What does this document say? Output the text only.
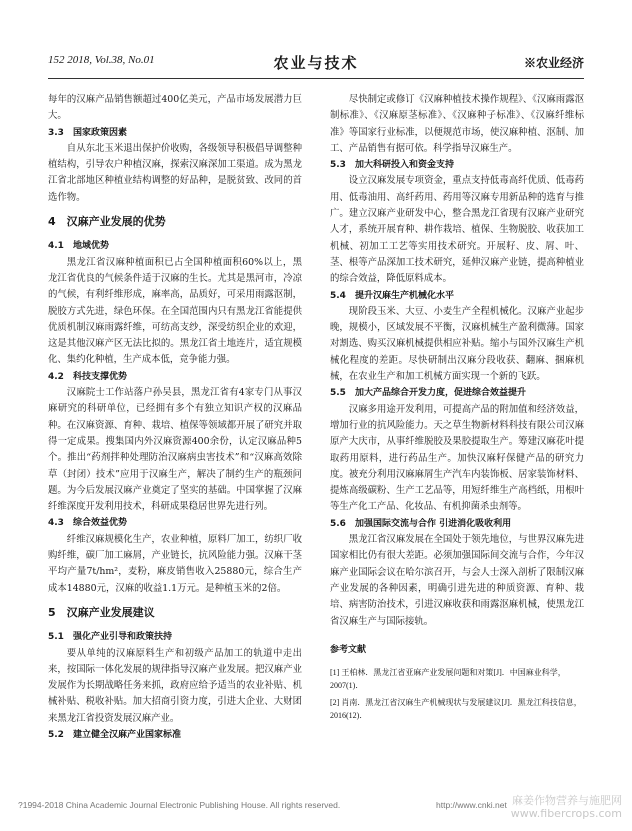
152 2018, Vol.38, No.01	农业与技术	※农业经济

每年的汉麻产品销售额超过400亿美元，产品市场发展潜力巨大。

3.3　国家政策因素

自从东北玉米退出保护价收购，各级领导积极倡导调整种植结构，引导农户种植汉麻，探索汉麻深加工渠道。成为黑龙江省北部地区种植业结构调整的好品种，是脱贫致、改同的首选作物。

4　汉麻产业发展的优势

4.1　地域优势

黑龙江省汉麻种植面积已占全国种植面积60%以上，黑龙江省优良的气候条件适于汉麻的生长。尤其是黑河市，冷凉的气候，有利纤维形成，麻率高，品质好，可采用雨露沤制，脱胶方式先进，绿色环保。在全国范围内只有黑龙江省能提供优质机制汉麻雨露纤维，可纺高支纱，深受纺织企业的欢迎，这是其他汉麻产区无法比拟的。黑龙江省土地连片，适宜规模化、集约化种植，生产成本低，竞争能力强。

4.2　科技支撑优势

汉麻院士工作站落户孙吴县，黑龙江省有4家专门从事汉麻研究的科研单位，已经拥有多个有独立知识产权的汉麻品种。在汉麻资源、育种、栽培、植保等领域都开展了研究并取得一定成果。搜集国内外汉麻资源400余份，认定汉麻品种5个。推出“药剂拌种处理防治汉麻病虫害技术”和“汉麻高效除草（封闭）技术”应用于汉麻生产，解决了制约生产的瓶颈问题。为今后发展汉麻产业奠定了坚实的基础。中国掌握了汉麻纤维深度开发利用技术，科研成果稳居世界先进行列。

4.3　综合效益优势

纤维汉麻规模化生产，农业种植，原料厂加工，纺织厂收购纤维，碳厂加工麻屑，产业链长，抗风险能力强。汉麻干茎平均产量7t/hm²，麦粉，麻皮销售收入25880元，综合生产成本14880元，汉麻的收益1.1万元。是种植玉米的2倍。

5　汉麻产业发展建议

5.1　强化产业引导和政策扶持

要从单纯的汉麻原料生产和初级产品加工的轨道中走出来，按国际一体化发展的规律指导汉麻产业发展。把汉麻产业发展作为长期战略任务来抓，政府应给予适当的农业补贴、机械补贴、税收补贴。加大招商引资力度，引进大企业、大财团来黑龙江省投资发展汉麻产业。

5.2　建立健全汉麻产业国家标准

尽快制定或修订《汉麻种植技术操作规程》、《汉麻雨露沤制标准》、《汉麻原茎标准》、《汉麻种子标准》、《汉麻纤维标准》等国家行业标准，以便规范市场，使汉麻种植、沤制、加工、产品销售有据可依。科学指导汉麻生产。

5.3　加大科研投入和资金支持

设立汉麻发展专项资金，重点支持低毒高纤优质、低毒药用、低毒油用、高纤药用、药用等汉麻专用新品种的选育与推广。建立汉麻产业研发中心，整合黑龙江省现有汉麻产业研究人才，系统开展育种、耕作栽培、植保、生物脱胶、收获加工机械、初加工工艺等实用技术研究。开展籽、皮、屑、叶、茎、根等产品深加工技术研究，延伸汉麻产业链，提高种植业的综合效益，降低原料成本。

5.4　提升汉麻生产机械化水平

现阶段玉米、大豆、小麦生产全程机械化。汉麻产业起步晚，规模小，区域发展不平衡，汉麻机械生产盈利微薄。国家对割选、购买汉麻机械提供相应补贴。缩小与国外汉麻生产机械化程度的差距。尽快研制出汉麻分段收获、翻麻、捆麻机械，在农业生产和加工机械方面实现一个新的飞跃。

5.5　加大产品综合开发力度，促进综合效益提升

汉麻多用途开发利用，可提高产品的附加值和经济效益，增加行业的抗风险能力。天之草生物新材料科技有限公司汉麻原产大庆市，从事纤维脱胶及果胶提取生产。筹建汉麻花叶提取药用原料，进行药品生产。加快汉麻籽保健产品的研究力度。被充分利用汉麻麻屑生产汽车内装饰板、居家装饰材料、提炼高级碳粉、生产工艺品等，用短纤维生产高档纸，用根叶等生产化工产品、化妆品、有机抑菌杀虫剂等。

5.6　加强国际交流与合作 引进消化吸收利用

黑龙江省汉麻发展在全国处于领先地位，与世界汉麻先进国家相比仍有很大差距。必须加强国际间交流与合作，今年汉麻产业国际会议在哈尔滨召开，与会人士深入剖析了限制汉麻产业发展的各种因素，明确引进先进的种质资源、育种、栽培、病害防治技术，引进汉麻收获和雨露沤麻机械，使黑龙江省汉麻生产与国际接轨。

参考文献

[1] 王柏林．黑龙江省亚麻产业发展问题和对策[J]．中国麻业科学，2007(1)．

[2] 肖南．黑龙江省汉麻生产机械现状与发展建议[J]．黑龙江科技信息，2016(12)．

?1994-2018 China Academic Journal Electronic Publishing House. All rights reserved.	http://www.cnki.net 麻姜作物营养与施肥网
www.fibercrops.com
